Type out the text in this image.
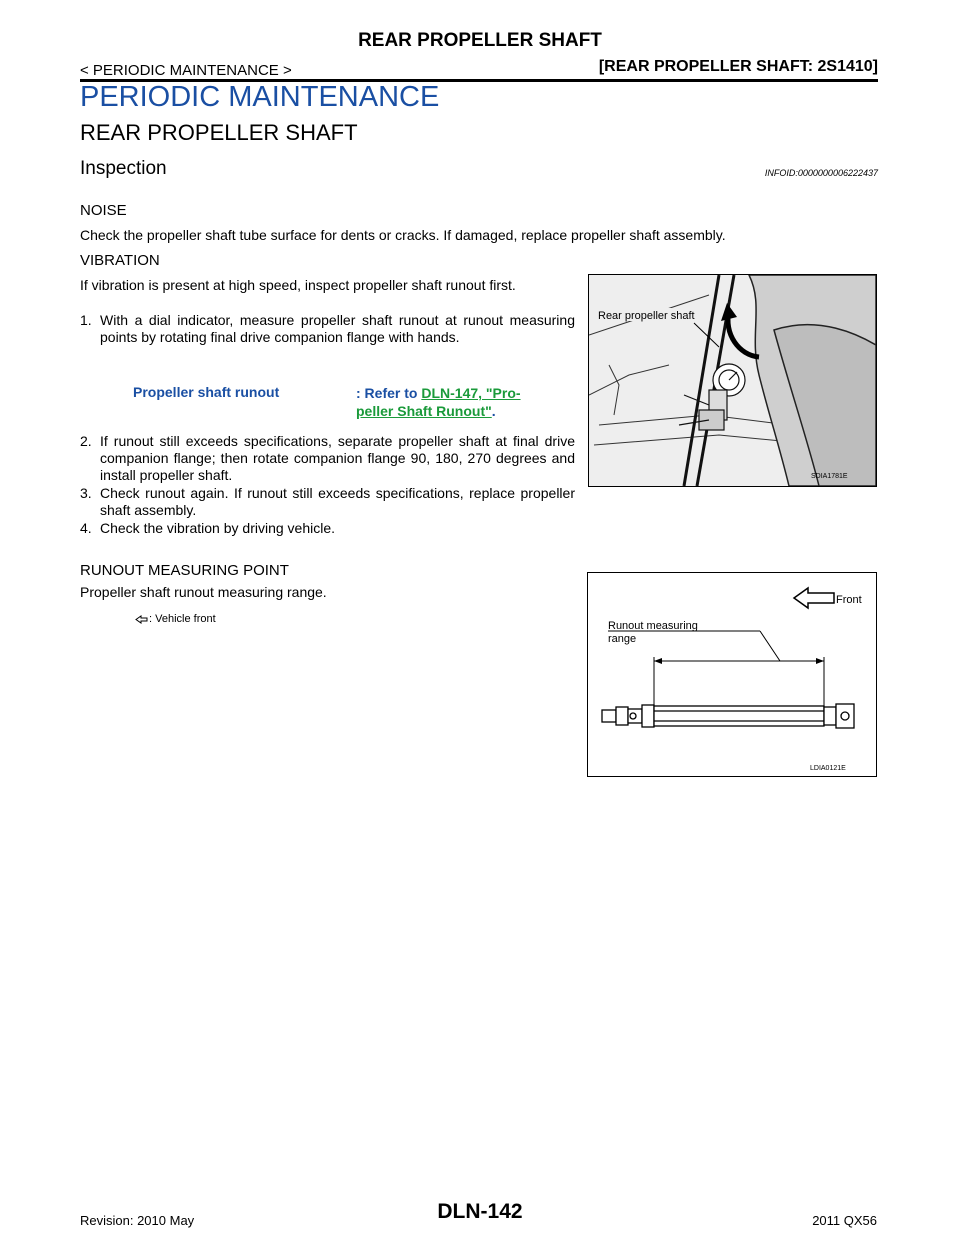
REAR PROPELLER SHAFT
< PERIODIC MAINTENANCE >	[REAR PROPELLER SHAFT: 2S1410]
PERIODIC MAINTENANCE
REAR PROPELLER SHAFT
Inspection	INFOID:0000000006222437
NOISE
Check the propeller shaft tube surface for dents or cracks. If damaged, replace propeller shaft assembly.
VIBRATION
If vibration is present at high speed, inspect propeller shaft runout first.
1. With a dial indicator, measure propeller shaft runout at runout measuring points by rotating final drive companion flange with hands.
Propeller shaft runout	: Refer to DLN-147, "Pro-
peller Shaft Runout".
2. If runout still exceeds specifications, separate propeller shaft at final drive companion flange; then rotate companion flange 90, 180, 270 degrees and install propeller shaft.
3. Check runout again. If runout still exceeds specifications, replace propeller shaft assembly.
4. Check the vibration by driving vehicle.
Rear propeller shaft
SDIA1781E
RUNOUT MEASURING POINT
Propeller shaft runout measuring range.
: Vehicle front
Front
Runout measuring
range
LDIA0121E
Revision: 2010 May	DLN-142	2011 QX56
